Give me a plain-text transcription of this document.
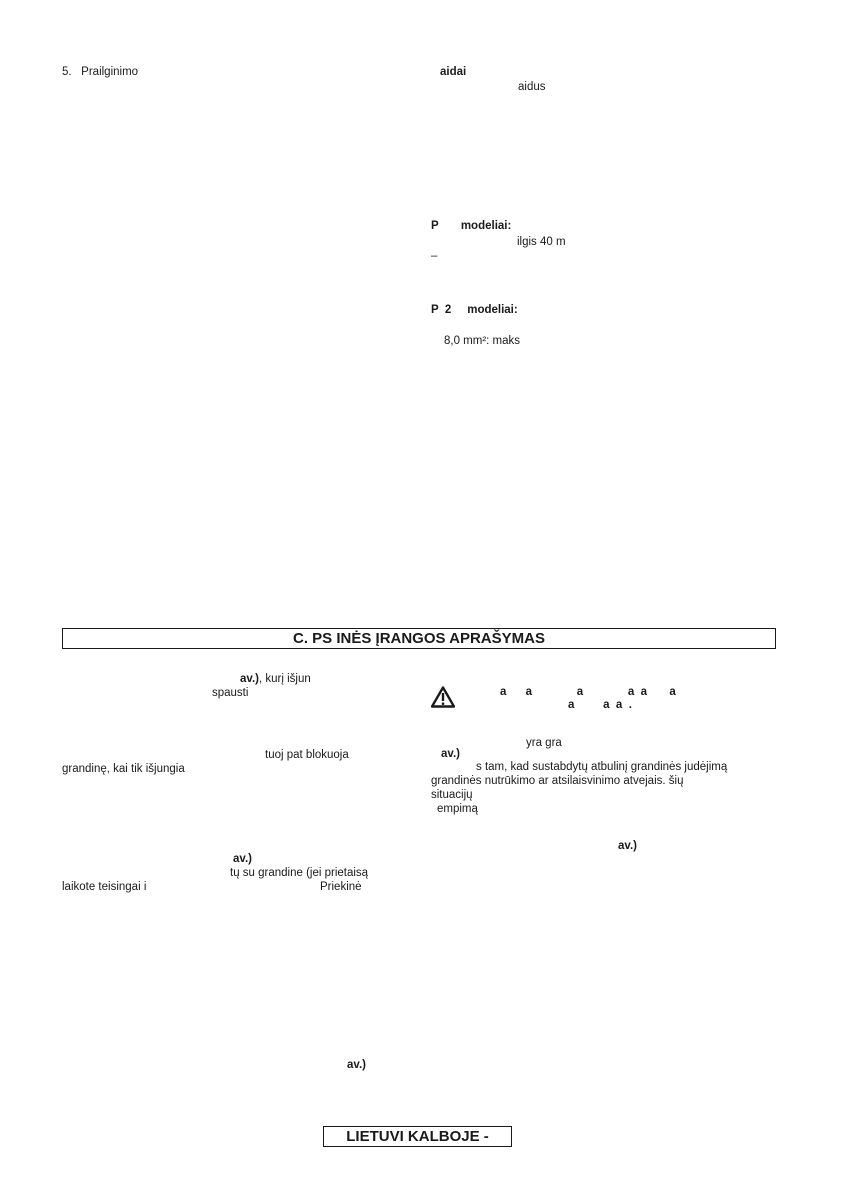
5.   Prailginimo	aidai
aidus
P       modeliai:
ilgis 40 m
–
P  2     modeliai:
8,0 mm²: maks
C. PS INĖS ĮRANGOS APRAŠYMAS
av.), kurį išjun
spausti
tuoj pat blokuoja
grandinę, kai tik išjungia
av.)
tų su grandine (jei prietaisą
laikote teisingai i	Priekinė
av.)
a      a              a              a  a       a
a         a  a  .
yra gra
av.)
s tam, kad sustabdytų atbulinį grandinės judėjimą
grandinės nutrūkimo ar atsilaisvinimo atvejais. šių
situacijų
empimą
av.)
LIETUVI KALBOJE -
